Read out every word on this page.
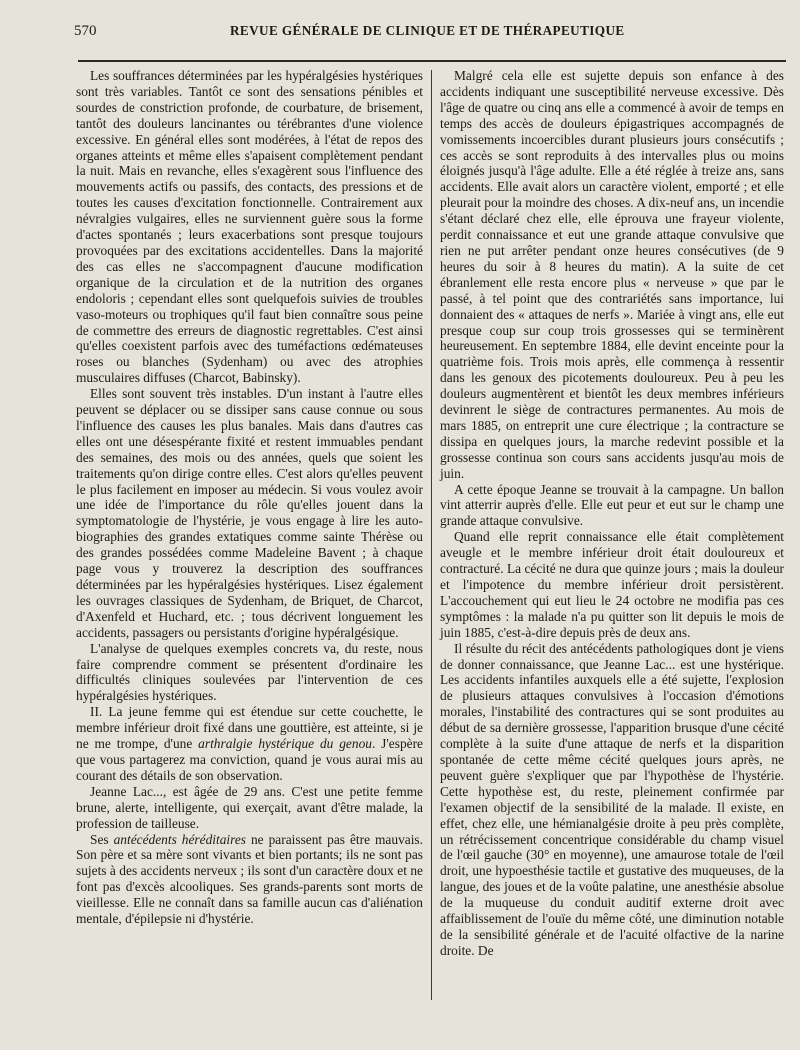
570	REVUE GÉNÉRALE DE CLINIQUE ET DE THÉRAPEUTIQUE

Les souffrances déterminées par les hypéralgésies hystériques sont très variables. Tantôt ce sont des sensations pénibles et sourdes de constriction profonde, de courbature, de brisement, tantôt des douleurs lancinantes ou térébrantes d'une violence excessive. En général elles sont modérées, à l'état de repos des organes atteints et même elles s'apaisent complètement pendant la nuit. Mais en revanche, elles s'exagèrent sous l'influence des mouvements actifs ou passifs, des contacts, des pressions et de toutes les causes d'excitation fonctionnelle. Contrairement aux névralgies vulgaires, elles ne surviennent guère sous la forme d'actes spontanés ; leurs exacerbations sont presque toujours provoquées par des excitations accidentelles. Dans la majorité des cas elles ne s'accompagnent d'aucune modification organique de la circulation et de la nutrition des organes endoloris ; cependant elles sont quelquefois suivies de troubles vaso-moteurs ou trophiques qu'il faut bien connaître sous peine de commettre des erreurs de diagnostic regrettables. C'est ainsi qu'elles coexistent parfois avec des tuméfactions œdémateuses roses ou blanches (Sydenham) ou avec des atrophies musculaires diffuses (Charcot, Babinsky).

Elles sont souvent très instables. D'un instant à l'autre elles peuvent se déplacer ou se dissiper sans cause connue ou sous l'influence des causes les plus banales. Mais dans d'autres cas elles ont une désespérante fixité et restent immuables pendant des semaines, des mois ou des années, quels que soient les traitements qu'on dirige contre elles. C'est alors qu'elles peuvent le plus facilement en imposer au médecin. Si vous voulez avoir une idée de l'importance du rôle qu'elles jouent dans la symptomatologie de l'hystérie, je vous engage à lire les auto-biographies des grandes extatiques comme sainte Thérèse ou des grandes possédées comme Madeleine Bavent ; à chaque page vous y trouverez la description des souffrances déterminées par les hypéralgésies hystériques. Lisez également les ouvrages classiques de Sydenham, de Briquet, de Charcot, d'Axenfeld et Huchard, etc. ; tous décrivent longuement les accidents, passagers ou persistants d'origine hypéralgésique.

L'analyse de quelques exemples concrets va, du reste, nous faire comprendre comment se présentent d'ordinaire les difficultés cliniques soulevées par l'intervention de ces hypéralgésies hystériques.

II. La jeune femme qui est étendue sur cette couchette, le membre inférieur droit fixé dans une gouttière, est atteinte, si je ne me trompe, d'une arthralgie hystérique du genou. J'espère que vous partagerez ma conviction, quand je vous aurai mis au courant des détails de son observation.

Jeanne Lac..., est âgée de 29 ans. C'est une petite femme brune, alerte, intelligente, qui exerçait, avant d'être malade, la profession de tailleuse.

Ses antécédents héréditaires ne paraissent pas être mauvais. Son père et sa mère sont vivants et bien portants; ils ne sont pas sujets à des accidents nerveux ; ils sont d'un caractère doux et ne font pas d'excès alcooliques. Ses grands-parents sont morts de vieillesse. Elle ne connaît dans sa famille aucun cas d'aliénation mentale, d'épilepsie ni d'hystérie.

Malgré cela elle est sujette depuis son enfance à des accidents indiquant une susceptibilité nerveuse excessive. Dès l'âge de quatre ou cinq ans elle a commencé à avoir de temps en temps des accès de douleurs épigastriques accompagnés de vomissements incoercibles durant plusieurs jours consécutifs ; ces accès se sont reproduits à des intervalles plus ou moins éloignés jusqu'à l'âge adulte. Elle a été réglée à treize ans, sans accidents. Elle avait alors un caractère violent, emporté ; et elle pleurait pour la moindre des choses. A dix-neuf ans, un incendie s'étant déclaré chez elle, elle éprouva une frayeur violente, perdit connaissance et eut une grande attaque convulsive que rien ne put arrêter pendant onze heures consécutives (de 9 heures du soir à 8 heures du matin). A la suite de cet ébranlement elle resta encore plus « nerveuse » que par le passé, à tel point que des contrariétés sans importance, lui donnaient des « attaques de nerfs ». Mariée à vingt ans, elle eut presque coup sur coup trois grossesses qui se terminèrent heureusement. En septembre 1884, elle devint enceinte pour la quatrième fois. Trois mois après, elle commença à ressentir dans les genoux des picotements douloureux. Peu à peu les douleurs augmentèrent et bientôt les deux membres inférieurs devinrent le siège de contractures permanentes. Au mois de mars 1885, on entreprit une cure électrique ; la contracture se dissipa en quelques jours, la marche redevint possible et la grossesse continua son cours sans accidents jusqu'au mois de juin.

A cette époque Jeanne se trouvait à la campagne. Un ballon vint atterrir auprès d'elle. Elle eut peur et eut sur le champ une grande attaque convulsive.

Quand elle reprit connaissance elle était complètement aveugle et le membre inférieur droit était douloureux et contracturé. La cécité ne dura que quinze jours ; mais la douleur et l'impotence du membre inférieur droit persistèrent. L'accouchement qui eut lieu le 24 octobre ne modifia pas ces symptômes : la malade n'a pu quitter son lit depuis le mois de juin 1885, c'est-à-dire depuis près de deux ans.

Il résulte du récit des antécédents pathologiques dont je viens de donner connaissance, que Jeanne Lac... est une hystérique. Les accidents infantiles auxquels elle a été sujette, l'explosion de plusieurs attaques convulsives à l'occasion d'émotions morales, l'instabilité des contractures qui se sont produites au début de sa dernière grossesse, l'apparition brusque d'une cécité complète à la suite d'une attaque de nerfs et la disparition spontanée de cette même cécité quelques jours après, ne peuvent guère s'expliquer que par l'hypothèse de l'hystérie. Cette hypothèse est, du reste, pleinement confirmée par l'examen objectif de la sensibilité de la malade. Il existe, en effet, chez elle, une hémianalgésie droite à peu près complète, un rétrécissement concentrique considérable du champ visuel de l'œil gauche (30° en moyenne), une amaurose totale de l'œil droit, une hypoesthésie tactile et gustative des muqueuses, de la langue, des joues et de la voûte palatine, une anesthésie absolue de la muqueuse du conduit auditif externe droit avec affaiblissement de l'ouïe du même côté, une diminution notable de la sensibilité générale et de l'acuité olfactive de la narine droite. De
